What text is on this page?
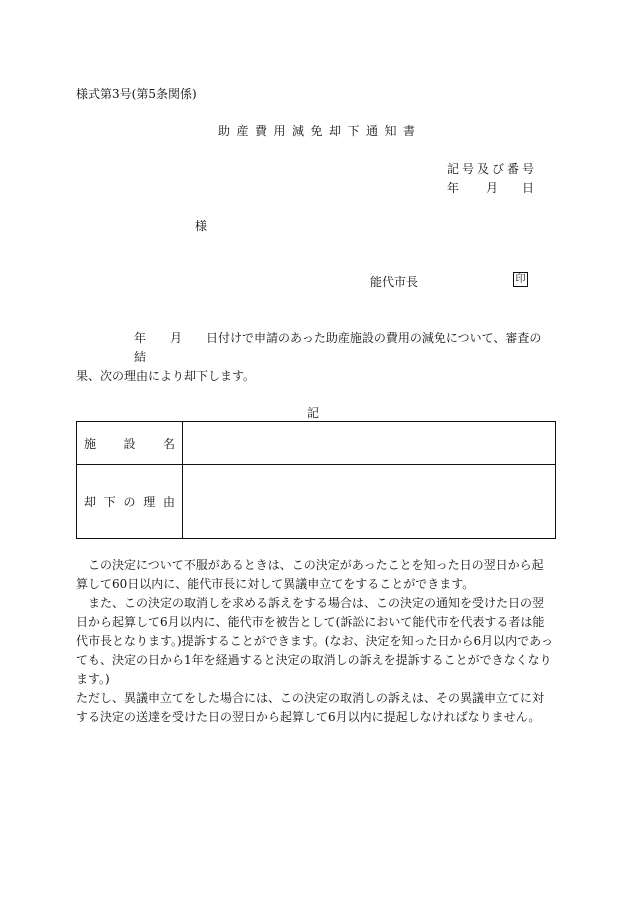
様式第3号(第5条関係)
助産費用減免却下通知書
記号及び番号
年 月 日
様
能代市長	印

年　　月　　日付けで申請のあった助産施設の費用の減免について、審査の結

果、次の理由により却下します。

記
施設名	
却下の理由	

この決定について不服があるときは、この決定があったことを知った日の翌日から起算して60日以内に、能代市長に対して異議申立てをすることができます。

また、この決定の取消しを求める訴えをする場合は、この決定の通知を受けた日の翌日から起算して6月以内に、能代市を被告として(訴訟において能代市を代表する者は能代市長となります。)提訴することができます。(なお、決定を知った日から6月以内であっても、決定の日から1年を経過すると決定の取消しの訴えを提訴することができなくなります。)

ただし、異議申立てをした場合には、この決定の取消しの訴えは、その異議申立てに対する決定の送達を受けた日の翌日から起算して6月以内に提起しなければなりません。
